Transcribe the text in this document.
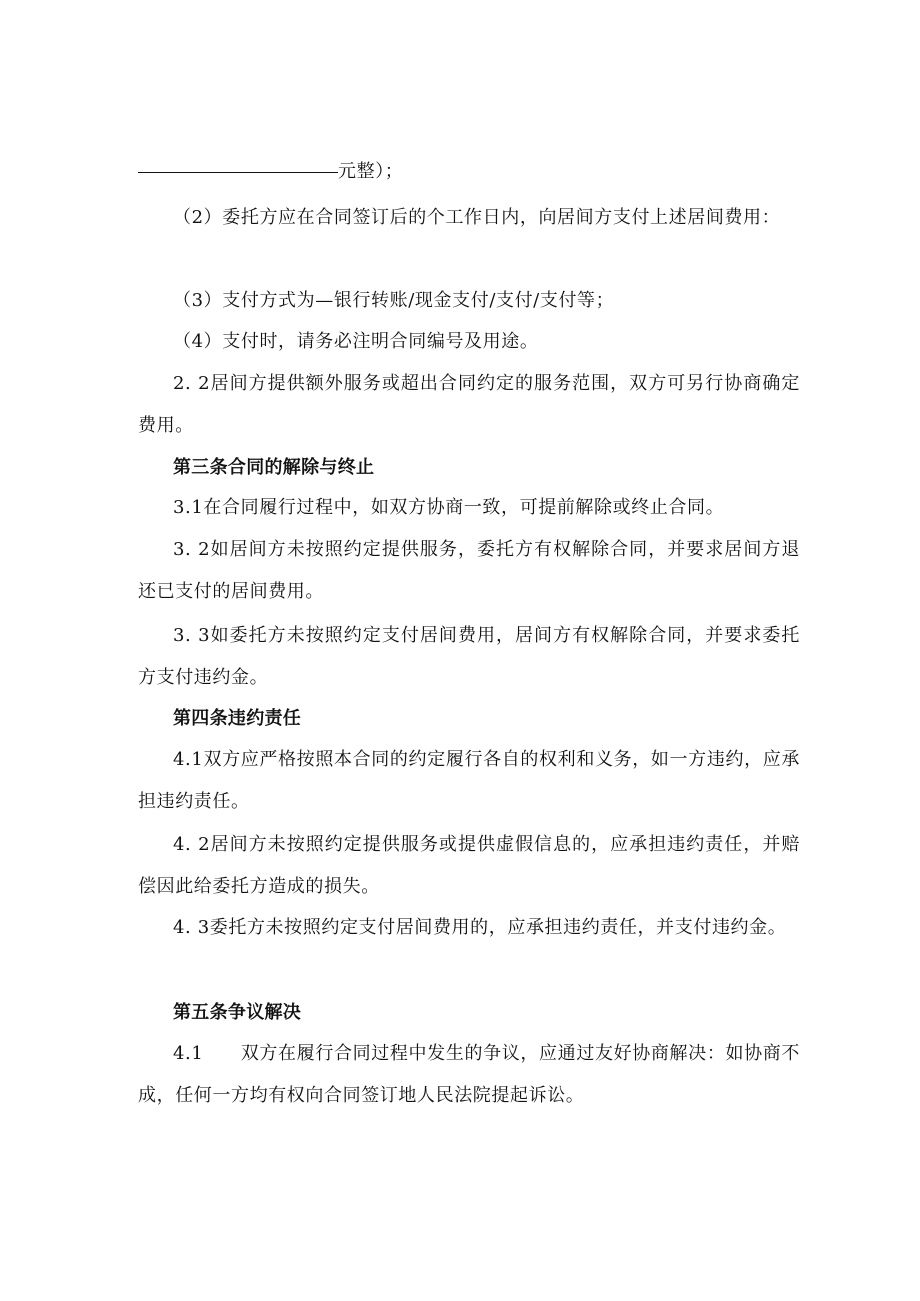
元整）；

（2）委托方应在合同签订后的个工作日内，向居间方支付上述居间费用：

（3）支付方式为—银行转账/现金支付/支付/支付等；

（4）支付时，请务必注明合同编号及用途。

2. 2居间方提供额外服务或超出合同约定的服务范围，双方可另行协商确定费用。

第三条合同的解除与终止

3.1在合同履行过程中，如双方协商一致，可提前解除或终止合同。

3. 2如居间方未按照约定提供服务，委托方有权解除合同，并要求居间方退还已支付的居间费用。

3. 3如委托方未按照约定支付居间费用，居间方有权解除合同，并要求委托方支付违约金。

第四条违约责任

4.1双方应严格按照本合同的约定履行各自的权利和义务，如一方违约，应承担违约责任。

4. 2居间方未按照约定提供服务或提供虚假信息的，应承担违约责任，并赔偿因此给委托方造成的损失。

4. 3委托方未按照约定支付居间费用的，应承担违约责任，并支付违约金。

第五条争议解决

4.1　　双方在履行合同过程中发生的争议，应通过友好协商解决：如协商不成，任何一方均有权向合同签订地人民法院提起诉讼。
